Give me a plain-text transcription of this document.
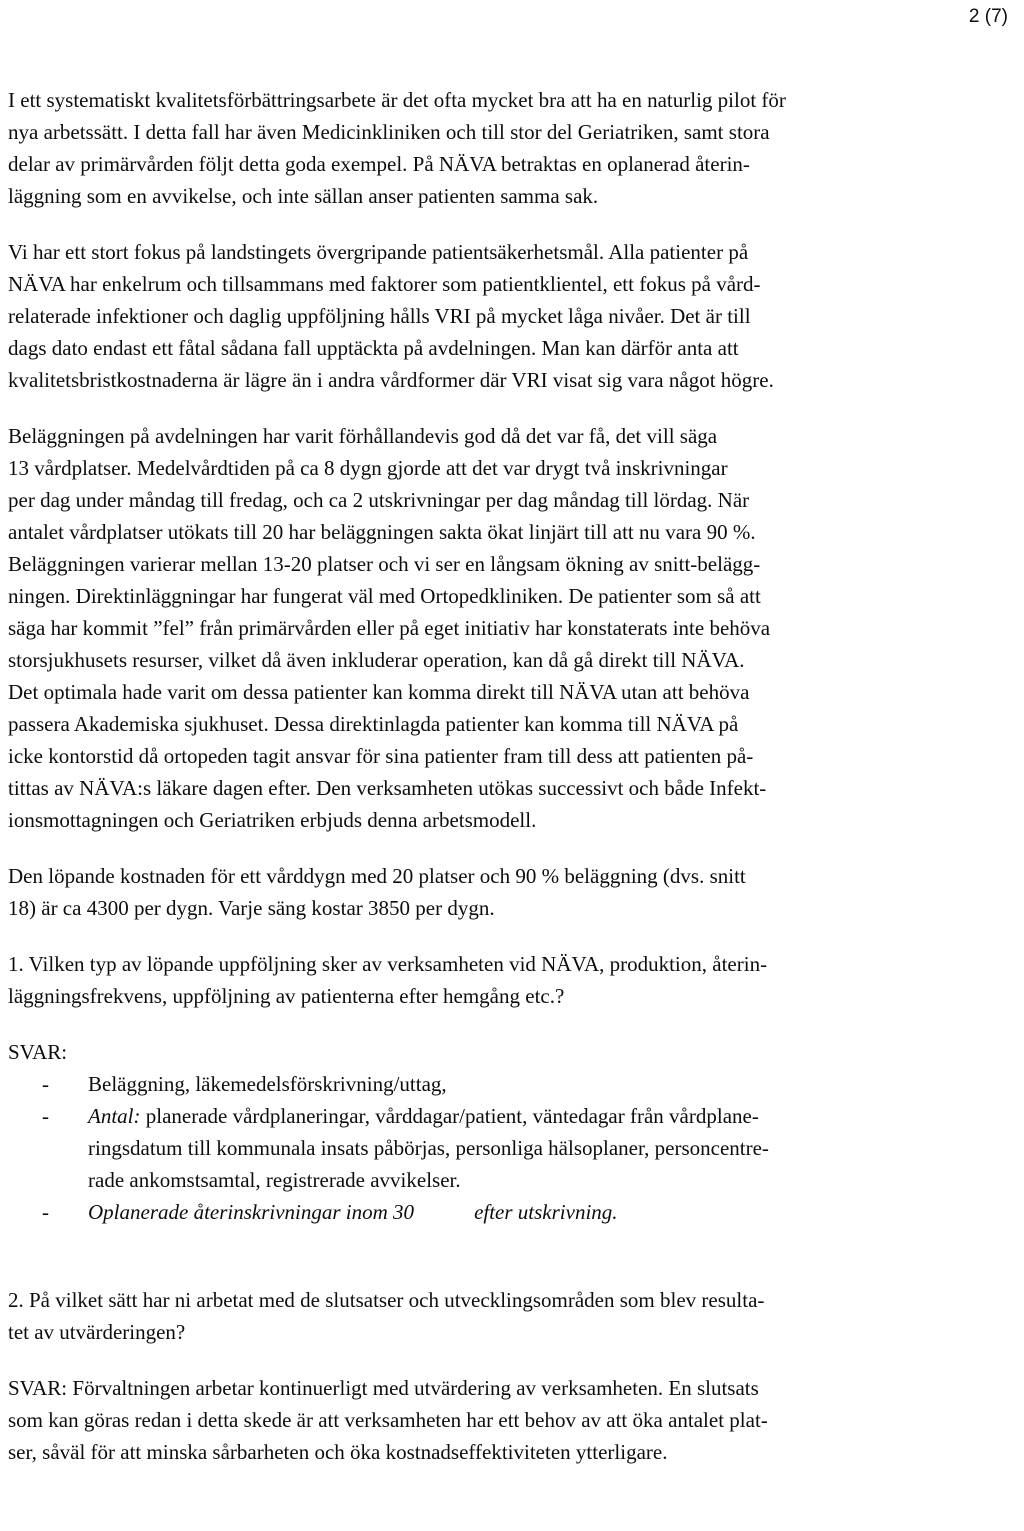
2 (7)

I ett systematiskt kvalitetsförbättringsarbete är det ofta mycket bra att ha en naturlig pilot för
nya arbetssätt. I detta fall har även Medicinkliniken och till stor del Geriatriken, samt stora
delar av primärvården följt detta goda exempel. På NÄVA betraktas en oplanerad återin-
läggning som en avvikelse, och inte sällan anser patienten samma sak.

Vi har ett stort fokus på landstingets övergripande patientsäkerhetsmål. Alla patienter på
NÄVA har enkelrum och tillsammans med faktorer som patientklientel, ett fokus på vård-
relaterade infektioner och daglig uppföljning hålls VRI på mycket låga nivåer. Det är till
dags dato endast ett fåtal sådana fall upptäckta på avdelningen. Man kan därför anta att
kvalitetsbristkostnaderna är lägre än i andra vårdformer där VRI visat sig vara något högre.

Beläggningen på avdelningen har varit förhållandevis god då det var få, det vill säga
13 vårdplatser. Medelvårdtiden på ca 8 dygn gjorde att det var drygt två inskrivningar
per dag under måndag till fredag, och ca 2 utskrivningar per dag måndag till lördag. När
antalet vårdplatser utökats till 20 har beläggningen sakta ökat linjärt till att nu vara 90 %.
Beläggningen varierar mellan 13-20 platser och vi ser en långsam ökning av snitt-belägg-
ningen. Direktinläggningar har fungerat väl med Ortopedkliniken. De patienter som så att
säga har kommit ”fel” från primärvården eller på eget initiativ har konstaterats inte behöva
storsjukhusets resurser, vilket då även inkluderar operation, kan då gå direkt till NÄVA.
Det optimala hade varit om dessa patienter kan komma direkt till NÄVA utan att behöva
passera Akademiska sjukhuset. Dessa direktinlagda patienter kan komma till NÄVA på
icke kontorstid då ortopeden tagit ansvar för sina patienter fram till dess att patienten på-
tittas av NÄVA:s läkare dagen efter. Den verksamheten utökas successivt och både Infekt-
ionsmottagningen och Geriatriken erbjuds denna arbetsmodell.

Den löpande kostnaden för ett vårddygn med 20 platser och 90 % beläggning (dvs. snitt
18) är ca 4300 per dygn. Varje säng kostar 3850 per dygn.

1. Vilken typ av löpande uppföljning sker av verksamheten vid NÄVA, produktion, återin-
läggningsfrekvens, uppföljning av patienterna efter hemgång etc.?

SVAR:
- Beläggning, läkemedelsförskrivning/uttag,
- Antal: planerade vårdplaneringar, vårddagar/patient, väntedagar från vårdplane-
ringsdatum till kommunala insats påbörjas, personliga hälsoplaner, personcentre-
rade ankomstsamtal, registrerade avvikelser.
- Oplanerade återinskrivningar inom 30	efter utskrivning.

2. På vilket sätt har ni arbetat med de slutsatser och utvecklingsområden som blev resulta-
tet av utvärderingen?

SVAR: Förvaltningen arbetar kontinuerligt med utvärdering av verksamheten. En slutsats
som kan göras redan i detta skede är att verksamheten har ett behov av att öka antalet plat-
ser, såväl för att minska sårbarheten och öka kostnadseffektiviteten ytterligare.
